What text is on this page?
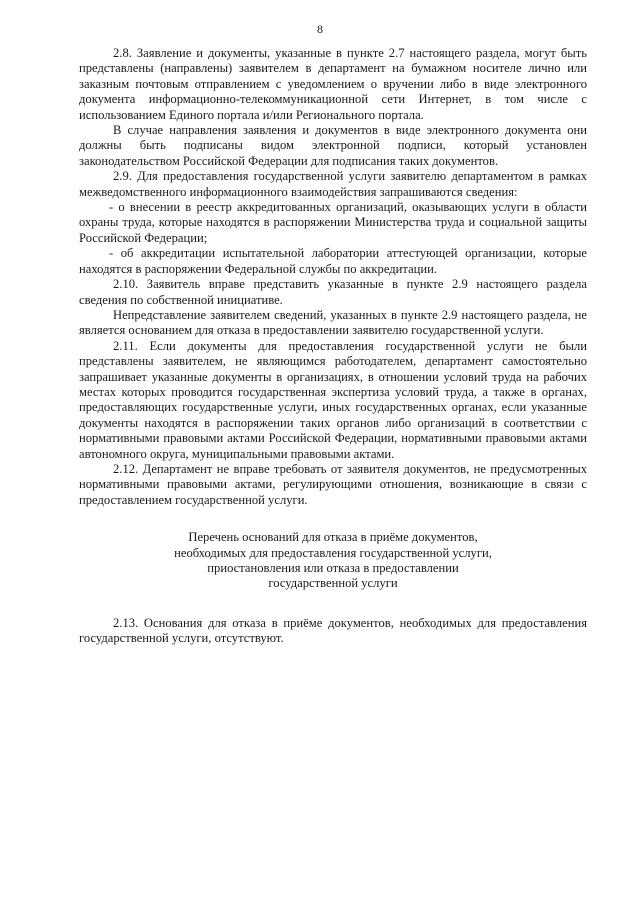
8

2.8. Заявление и документы, указанные в пункте 2.7 настоящего раздела, могут быть представлены (направлены) заявителем в департамент на бумажном носителе лично или заказным почтовым отправлением с уведомлением о вручении либо в виде электронного документа информационно-телекоммуникационной сети Интернет, в том числе с использованием Единого портала и/или Регионального портала.

В случае направления заявления и документов в виде электронного документа они должны быть подписаны видом электронной подписи, который установлен законодательством Российской Федерации для подписания таких документов.

2.9. Для предоставления государственной услуги заявителю департаментом в рамках межведомственного информационного взаимодействия запрашиваются сведения:

- о внесении в реестр аккредитованных организаций, оказывающих услуги в области охраны труда, которые находятся в распоряжении Министерства труда и социальной защиты Российской Федерации;

- об аккредитации испытательной лаборатории аттестующей организации, которые находятся в распоряжении Федеральной службы по аккредитации.

2.10. Заявитель вправе представить указанные в пункте 2.9 настоящего раздела сведения по собственной инициативе.

Непредставление заявителем сведений, указанных в пункте 2.9 настоящего раздела, не является основанием для отказа в предоставлении заявителю государственной услуги.

2.11. Если документы для предоставления государственной услуги не были представлены заявителем, не являющимся работодателем, департамент самостоятельно запрашивает указанные документы в организациях, в отношении условий труда на рабочих местах которых проводится государственная экспертиза условий труда, а также в органах, предоставляющих государственные услуги, иных государственных органах, если указанные документы находятся в распоряжении таких органов либо организаций в соответствии с нормативными правовыми актами Российской Федерации, нормативными правовыми актами автономного округа, муниципальными правовыми актами.

2.12. Департамент не вправе требовать от заявителя документов, не предусмотренных нормативными правовыми актами, регулирующими отношения, возникающие в связи с предоставлением государственной услуги.

Перечень оснований для отказа в приёме документов,
необходимых для предоставления государственной услуги,
приостановления или отказа в предоставлении
государственной услуги

2.13. Основания для отказа в приёме документов, необходимых для предоставления государственной услуги, отсутствуют.
